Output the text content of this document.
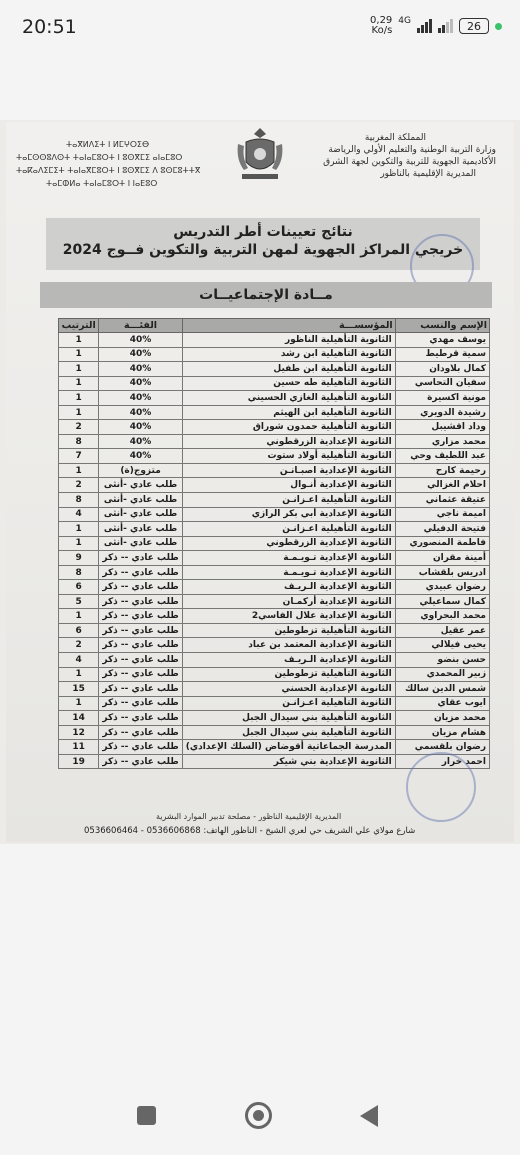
20:51	0,29
Ko/s
4G	26
المملكة المغربية
وزارة التربية الوطنية والتعليم الأولي والرياضة
الأكاديمية الجهوية للتربية والتكوين لجهة الشرق
المديرية الإقليمية بالناظور
ⵜⴰⴳⵍⴷⵉⵜ ⵏ ⵍⵎⵖⵔⵉⴱ
ⵜⴰⵎⵙⵙⵓⴷⵙⵜ ⵜⴰⵏⴰⵎⵓⵔⵜ ⵏ ⵓⵙⴳⵎⵉ ⴰⵏⴰⵎⵓⵔ
ⵜⴰⴽⴰⴷⵉⵎⵉⵜ ⵜⴰⵏⴰⴳⵎⵓⵔⵜ ⵏ ⵓⵙⴳⵎⵉ ⴷ ⵓⵙⵎⵓⵜⵜⴳ
ⵜⴰⵎⵀⵍⴰ ⵜⴰⵏⴰⵎⵓⵔⵜ ⵏ ⵏⴰⴹⵓⵔ
نتائج تعيينات أطر التدريس
خريجي المراكز الجهوية لمهن التربية والتكوين فــوج 2024
مــادة الإجتماعيــات
الإسم والنسب	المؤسســـة	الفئـــة	الترتيب
يوسف مهدي	الثانوية التأهيلية الناظور	40%	1
سمية قرطيط	الثانوية التأهيلية ابن رشد	40%	1
كمال بلاودان	الثانوية التأهيلية ابن طفيل	40%	1
سفيان التحاسي	الثانوية التأهيلية طه حسين	40%	1
مونية اكسيرة	الثانوية التأهيلية الغازي الحسيني	40%	1
رشيدة الدويري	الثانوية التأهيلية ابن الهيثم	40%	1
وداد اقشيبل	الثانوية التأهيلية حمدون شوراق	40%	2
محمد مزاري	الثانوية الإعدادية الزرقطوني	40%	8
عبد اللطيف وحي	الثانوية التأهيلية أولاد ستوت	40%	7
رحيمة كارح	الثانوية الإعدادية اصبـانـن	متزوج(ة)	1
احلام الغزالي	الثانوية الإعدادية أنـوال	طلب عادي -أنثى	2
عتيقة عثماني	الثانوية التأهيلية اعـزانـن	طلب عادي -أنثى	8
اميمة ناجي	الثانوية الإعدادية أبي بكر الرازي	طلب عادي -أنثى	4
فتيحة الدفيلي	الثانوية التأهيلية اعـزانـن	طلب عادي -أنثى	1
فاطمة المنصوري	الثانوية الإعدادية الزرقطوني	طلب عادي -أنثى	1
أمينة مقران	الثانوية الإعدادية تـويـمـة	طلب عادي -- ذكر	9
ادريس بلقشاب	الثانوية الإعدادية تـويـمـة	طلب عادي -- ذكر	8
رضوان عبيدي	الثانوية الإعدادية الـريـف	طلب عادي -- ذكر	6
كمال سماعيلي	الثانوية الإعدادية أركمـان	طلب عادي -- ذكر	5
محمد البحراوي	الثانوية الإعدادية علال الفاسي2	طلب عادي -- ذكر	1
عمر عقيل	الثانوية التأهيلية تزطوطين	طلب عادي -- ذكر	6
يحيى فيلالي	الثانوية الإعدادية المعتمد بن عباد	طلب عادي -- ذكر	2
حسن بنضو	الثانوية الإعدادية الـريـف	طلب عادي -- ذكر	4
زبير المحمدي	الثانوية التأهيلية تزطوطين	طلب عادي -- ذكر	1
شمس الدين سالك	الثانوية الإعدادية الحسني	طلب عادي -- ذكر	15
ايوب عقاي	الثانوية التأهيلية اعـزانـن	طلب عادي -- ذكر	1
محمد مزيان	الثانوية التأهيلية بني سيدال الجبل	طلب عادي -- ذكر	14
هشام مزيان	الثانوية التأهيلية بني سيدال الجبل	طلب عادي -- ذكر	12
رضوان بلقسمي	المدرسة الجماعاتية أقوضاض (السلك الإعدادي)	طلب عادي -- ذكر	11
احمد خرار	الثانوية الإعدادية بني شيكر	طلب عادي -- ذكر	19
المديرية الإقليمية الناظور - مصلحة تدبير الموارد البشرية
شارع مولاي علي الشريف حي لعري الشيخ - الناظور الهاتف: 0536606868 - 0536606464
